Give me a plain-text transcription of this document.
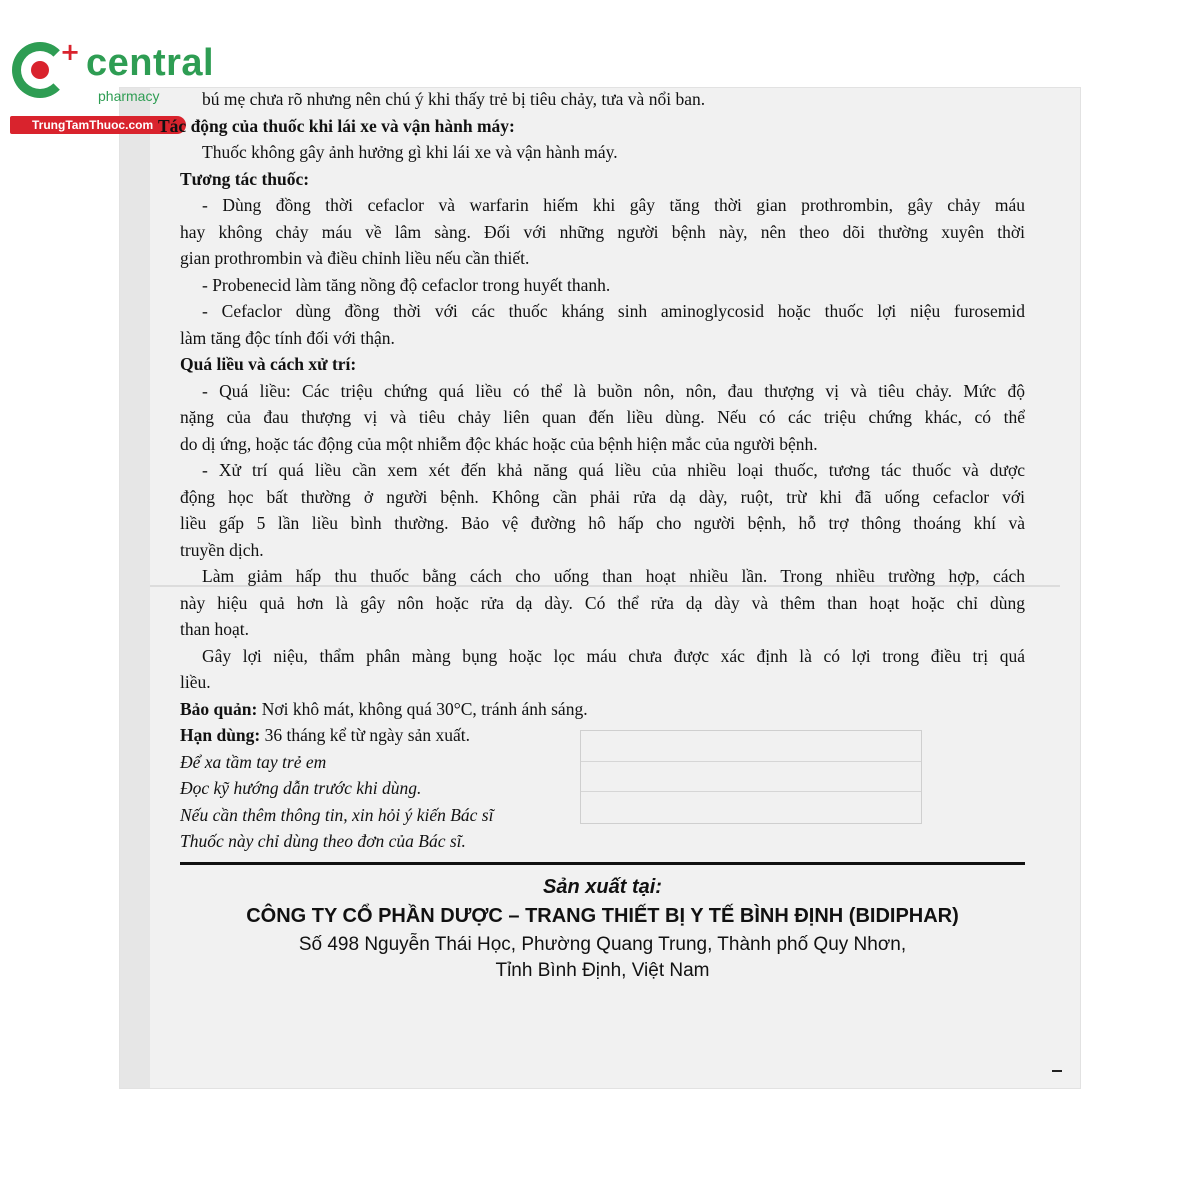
+ central
pharmacy
TrungTamThuoc.com
bú mẹ chưa rõ nhưng nên chú ý khi thấy trẻ bị tiêu chảy, tưa và nổi ban.
Tác động của thuốc khi lái xe và vận hành máy:
Thuốc không gây ảnh hưởng gì khi lái xe và vận hành máy.
Tương tác thuốc:
- Dùng đồng thời cefaclor và warfarin hiếm khi gây tăng thời gian prothrombin, gây chảy máu
hay không chảy máu về lâm sàng. Đối với những người bệnh này, nên theo dõi thường xuyên thời
gian prothrombin và điều chỉnh liều nếu cần thiết.
- Probenecid làm tăng nồng độ cefaclor trong huyết thanh.
- Cefaclor dùng đồng thời với các thuốc kháng sinh aminoglycosid hoặc thuốc lợi niệu furosemid
làm tăng độc tính đối với thận.
Quá liều và cách xử trí:
- Quá liều: Các triệu chứng quá liều có thể là buồn nôn, nôn, đau thượng vị và tiêu chảy. Mức độ
nặng của đau thượng vị và tiêu chảy liên quan đến liều dùng. Nếu có các triệu chứng khác, có thể
do dị ứng, hoặc tác động của một nhiễm độc khác hoặc của bệnh hiện mắc của người bệnh.
- Xử trí quá liều cần xem xét đến khả năng quá liều của nhiều loại thuốc, tương tác thuốc và dược
động học bất thường ở người bệnh. Không cần phải rửa dạ dày, ruột, trừ khi đã uống cefaclor với
liều gấp 5 lần liều bình thường. Bảo vệ đường hô hấp cho người bệnh, hỗ trợ thông thoáng khí và
truyền dịch.
Làm giảm hấp thu thuốc bằng cách cho uống than hoạt nhiều lần. Trong nhiều trường hợp, cách
này hiệu quả hơn là gây nôn hoặc rửa dạ dày. Có thể rửa dạ dày và thêm than hoạt hoặc chỉ dùng
than hoạt.
Gây lợi niệu, thẩm phân màng bụng hoặc lọc máu chưa được xác định là có lợi trong điều trị quá
liều.
Bảo quản: Nơi khô mát, không quá 30°C, tránh ánh sáng.
Hạn dùng: 36 tháng kể từ ngày sản xuất.
Để xa tầm tay trẻ em
Đọc kỹ hướng dẫn trước khi dùng.
Nếu cần thêm thông tin, xin hỏi ý kiến Bác sĩ
Thuốc này chỉ dùng theo đơn của Bác sĩ.
Sản xuất tại:
CÔNG TY CỔ PHẦN DƯỢC – TRANG THIẾT BỊ Y TẾ BÌNH ĐỊNH (BIDIPHAR)
Số 498 Nguyễn Thái Học, Phường Quang Trung, Thành phố Quy Nhơn,
Tỉnh Bình Định, Việt Nam
